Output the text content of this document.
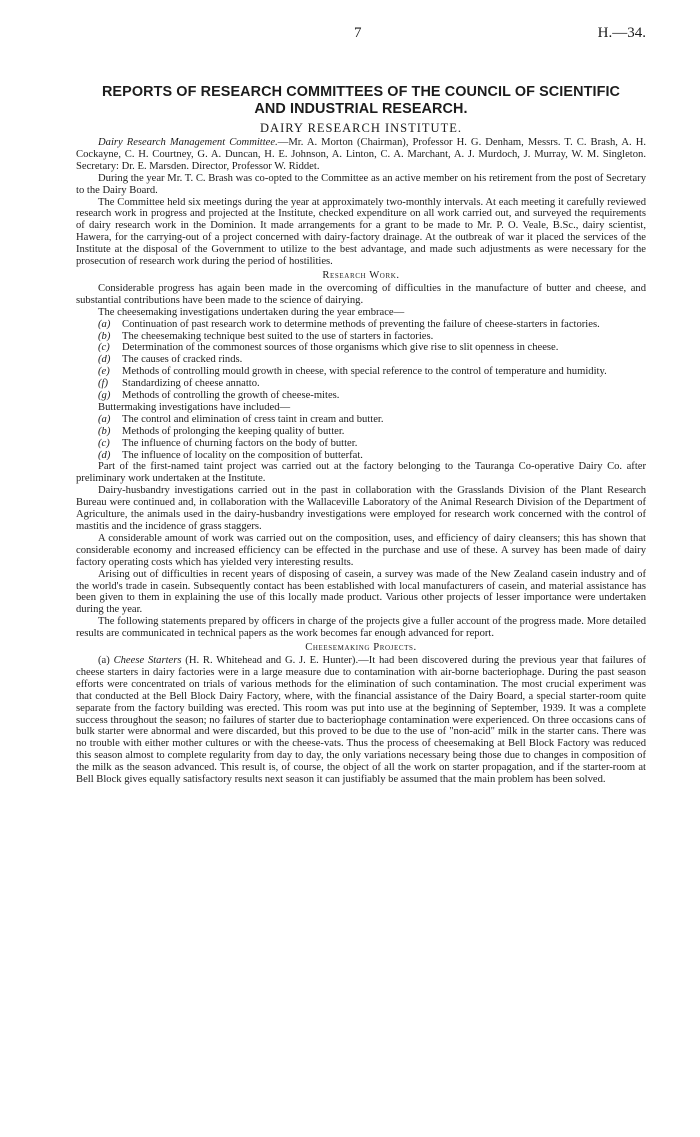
7	H.—34.
REPORTS OF RESEARCH COMMITTEES OF THE COUNCIL OF SCIENTIFIC
AND INDUSTRIAL RESEARCH.
DAIRY RESEARCH INSTITUTE.

Dairy Research Management Committee.—Mr. A. Morton (Chairman), Professor H. G. Denham, Messrs. T. C. Brash, A. H. Cockayne, C. H. Courtney, G. A. Duncan, H. E. Johnson, A. Linton, C. A. Marchant, A. J. Murdoch, J. Murray, W. M. Singleton. Secretary: Dr. E. Marsden. Director, Professor W. Riddet.

During the year Mr. T. C. Brash was co-opted to the Committee as an active member on his retirement from the post of Secretary to the Dairy Board.

The Committee held six meetings during the year at approximately two-monthly intervals. At each meeting it carefully reviewed research work in progress and projected at the Institute, checked expenditure on all work carried out, and surveyed the requirements of dairy research work in the Dominion. It made arrangements for a grant to be made to Mr. P. O. Veale, B.Sc., dairy scientist, Hawera, for the carrying-out of a project concerned with dairy-factory drainage. At the outbreak of war it placed the services of the Institute at the disposal of the Government to utilize to the best advantage, and made such adjustments as were necessary for the prosecution of research work during the period of hostilities.

Research Work.

Considerable progress has again been made in the overcoming of difficulties in the manufacture of butter and cheese, and substantial contributions have been made to the science of dairying.

The cheesemaking investigations undertaken during the year embrace—

(a) Continuation of past research work to determine methods of preventing the failure of cheese-starters in factories.
(b) The cheesemaking technique best suited to the use of starters in factories.
(c) Determination of the commonest sources of those organisms which give rise to slit openness in cheese.
(d) The causes of cracked rinds.
(e) Methods of controlling mould growth in cheese, with special reference to the control of temperature and humidity.
(f) Standardizing of cheese annatto.
(g) Methods of controlling the growth of cheese-mites.

Buttermaking investigations have included—

(a) The control and elimination of cress taint in cream and butter.
(b) Methods of prolonging the keeping quality of butter.
(c) The influence of churning factors on the body of butter.
(d) The influence of locality on the composition of butterfat.

Part of the first-named taint project was carried out at the factory belonging to the Tauranga Co-operative Dairy Co. after preliminary work undertaken at the Institute.

Dairy-husbandry investigations carried out in the past in collaboration with the Grasslands Division of the Plant Research Bureau were continued and, in collaboration with the Wallaceville Laboratory of the Animal Research Division of the Department of Agriculture, the animals used in the dairy-husbandry investigations were employed for research work concerned with the control of mastitis and the incidence of grass staggers.

A considerable amount of work was carried out on the composition, uses, and efficiency of dairy cleansers; this has shown that considerable economy and increased efficiency can be effected in the purchase and use of these. A survey has been made of dairy factory operating costs which has yielded very interesting results.

Arising out of difficulties in recent years of disposing of casein, a survey was made of the New Zealand casein industry and of the world's trade in casein. Subsequently contact has been established with local manufacturers of casein, and material assistance has been given to them in explaining the use of this locally made product. Various other projects of lesser importance were undertaken during the year.

The following statements prepared by officers in charge of the projects give a fuller account of the progress made. More detailed results are communicated in technical papers as the work becomes far enough advanced for report.

Cheesemaking Projects.

(a) Cheese Starters (H. R. Whitehead and G. J. E. Hunter).—It had been discovered during the previous year that failures of cheese starters in dairy factories were in a large measure due to contamination with air-borne bacteriophage. During the past season efforts were concentrated on trials of various methods for the elimination of such contamination. The most crucial experiment was that conducted at the Bell Block Dairy Factory, where, with the financial assistance of the Dairy Board, a special starter-room quite separate from the factory building was erected. This room was put into use at the beginning of September, 1939. It was a complete success throughout the season; no failures of starter due to bacteriophage contamination were experienced. On three occasions cans of bulk starter were abnormal and were discarded, but this proved to be due to the use of "non-acid" milk in the starter cans. There was no trouble with either mother cultures or with the cheese-vats. Thus the process of cheesemaking at Bell Block Factory was reduced this season almost to complete regularity from day to day, the only variations necessary being those due to changes in composition of the milk as the season advanced. This result is, of course, the object of all the work on starter propagation, and if the starter-room at Bell Block gives equally satisfactory results next season it can justifiably be assumed that the main problem has been solved.
